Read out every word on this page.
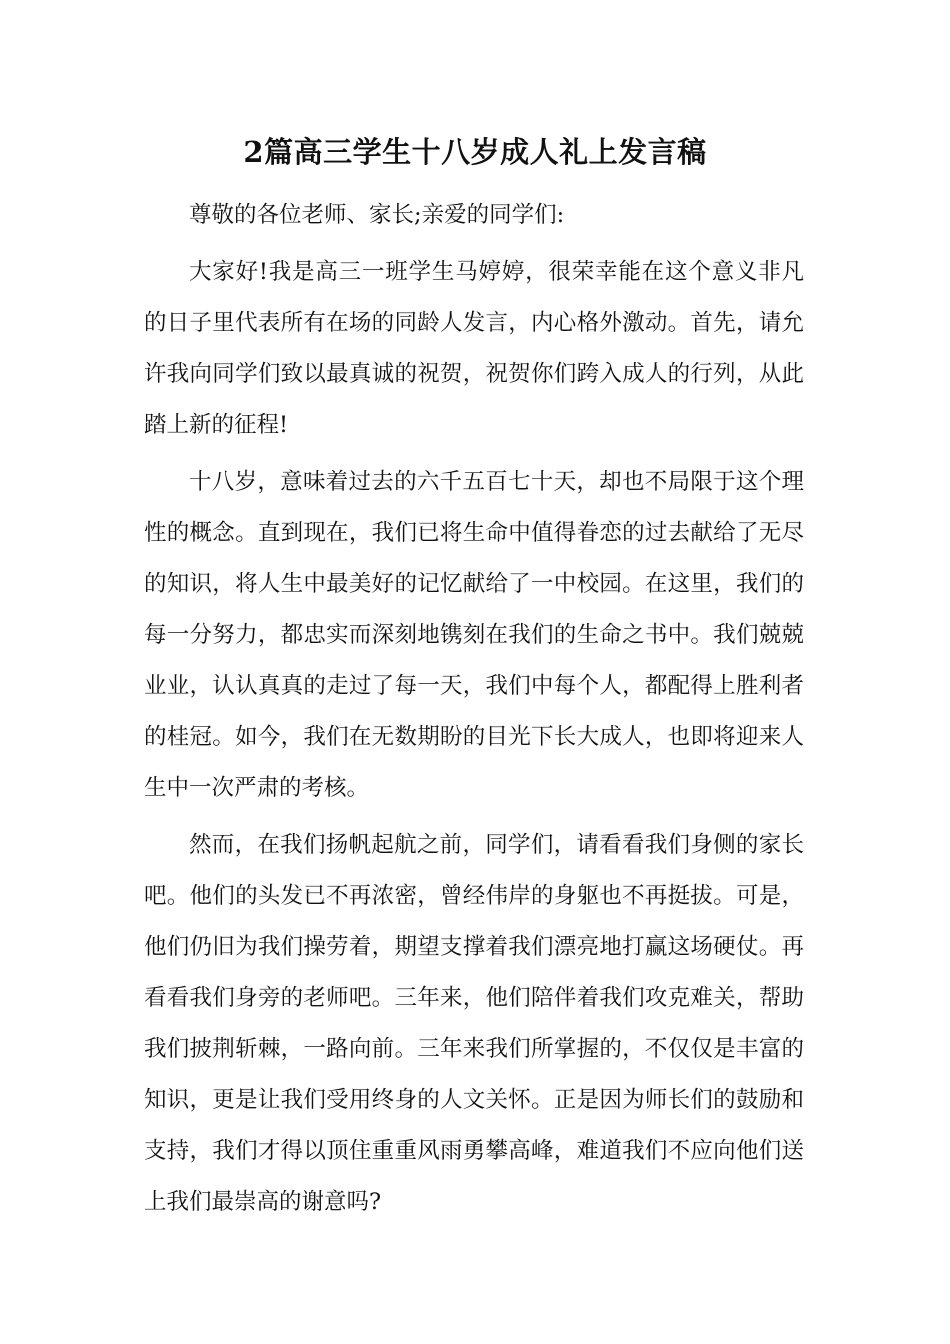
2篇高三学生十八岁成人礼上发言稿

尊敬的各位老师、家长;亲爱的同学们:

大家好!我是高三一班学生马婷婷，很荣幸能在这个意义非凡的日子里代表所有在场的同龄人发言，内心格外激动。首先，请允许我向同学们致以最真诚的祝贺，祝贺你们跨入成人的行列，从此踏上新的征程!

十八岁，意味着过去的六千五百七十天，却也不局限于这个理性的概念。直到现在，我们已将生命中值得眷恋的过去献给了无尽的知识，将人生中最美好的记忆献给了一中校园。在这里，我们的每一分努力，都忠实而深刻地镌刻在我们的生命之书中。我们兢兢业业，认认真真的走过了每一天，我们中每个人，都配得上胜利者的桂冠。如今，我们在无数期盼的目光下长大成人，也即将迎来人生中一次严肃的考核。

然而，在我们扬帆起航之前，同学们，请看看我们身侧的家长吧。他们的头发已不再浓密，曾经伟岸的身躯也不再挺拔。可是，他们仍旧为我们操劳着，期望支撑着我们漂亮地打赢这场硬仗。再看看我们身旁的老师吧。三年来，他们陪伴着我们攻克难关，帮助我们披荆斩棘，一路向前。三年来我们所掌握的，不仅仅是丰富的知识，更是让我们受用终身的人文关怀。正是因为师长们的鼓励和支持，我们才得以顶住重重风雨勇攀高峰，难道我们不应向他们送上我们最崇高的谢意吗?
